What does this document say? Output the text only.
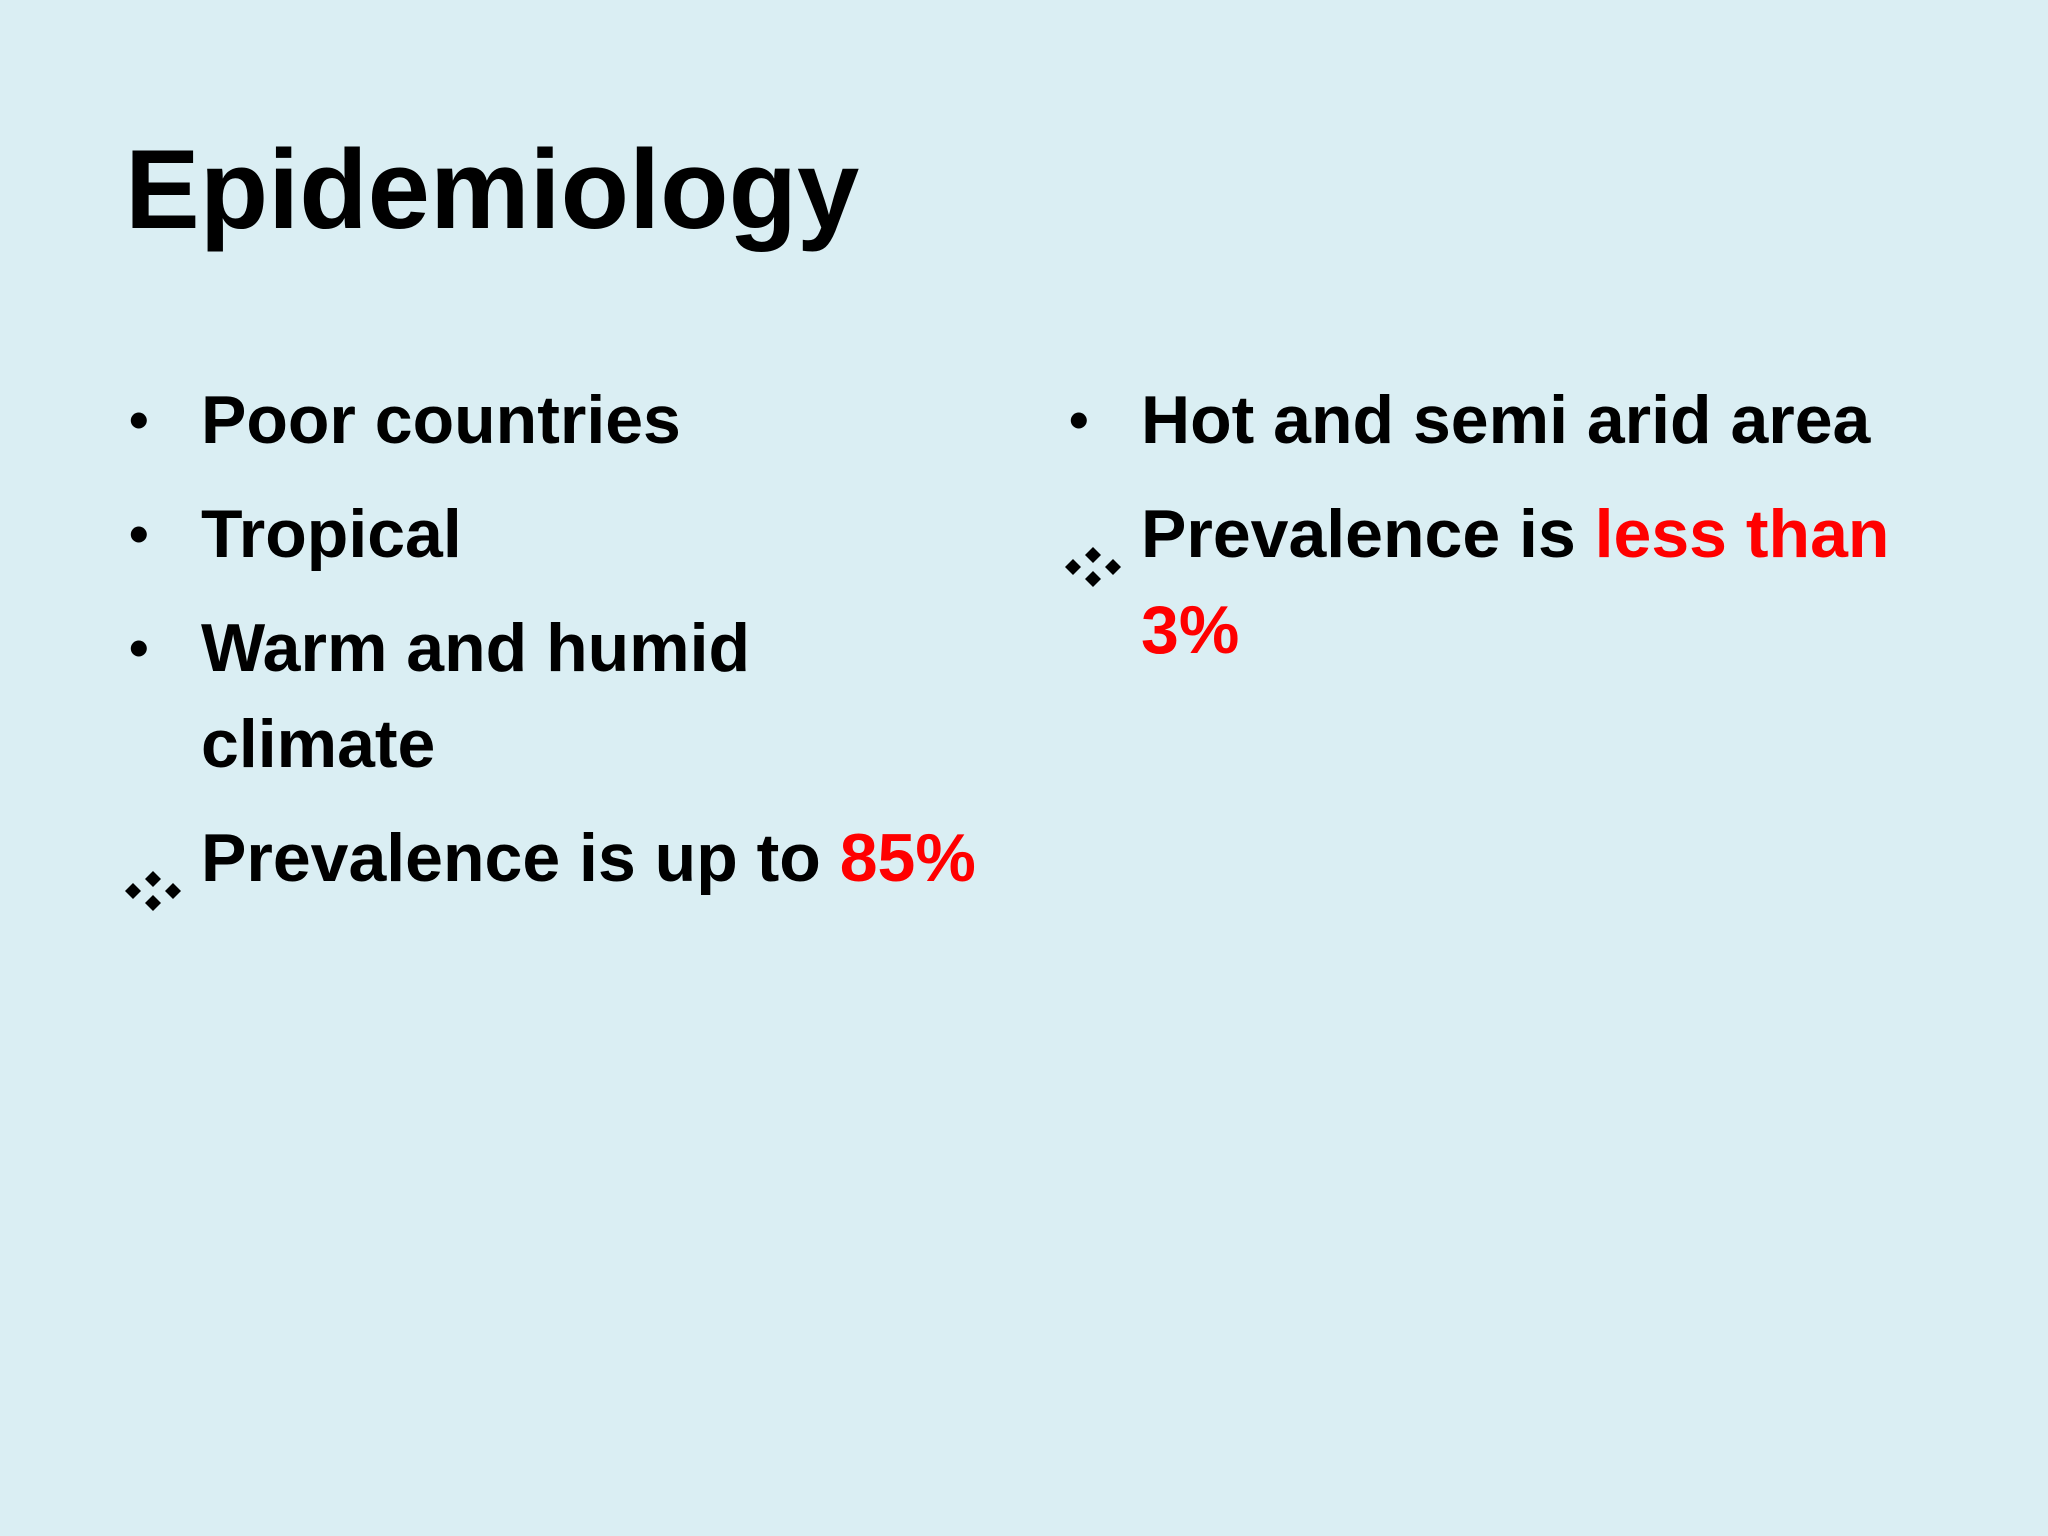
Epidemiology
• Poor countries
• Tropical
• Warm and humid climate
Prevalence is up to 85%
• Hot and semi arid area
Prevalence is less than 3%
